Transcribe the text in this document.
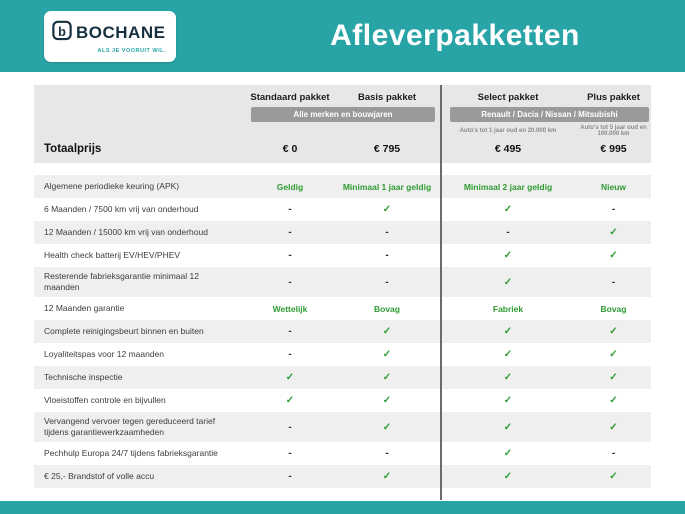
b BOCHANE
ALS JE VOORUIT WIL.	Afleverpakketten
Standaard pakket	Basis pakket	Select pakket	Plus pakket
Alle merken en bouwjaren	Renault / Dacia / Nissan / Mitsubishi
Auto's tot 1 jaar oud en 20.000 km	Auto's tot 5 jaar oud en 100.000 km
Totaalprijs	€ 0	€ 795	€ 495	€ 995
Algemene periodieke keuring (APK)	Geldig	Minimaal 1 jaar geldig	Minimaal 2 jaar geldig	Nieuw
6 Maanden / 7500 km vrij van onderhoud	-	✓	✓	-
12 Maanden / 15000 km vrij van onderhoud	-	-	-	✓
Health check batterij EV/HEV/PHEV	-	-	✓	✓
Resterende fabrieksgarantie minimaal 12 maanden	-	-	✓	-
12 Maanden garantie	Wettelijk	Bovag	Fabriek	Bovag
Complete reinigingsbeurt binnen en buiten	-	✓	✓	✓
Loyaliteitspas voor 12 maanden	-	✓	✓	✓
Technische inspectie	✓	✓	✓	✓
Vloeistoffen controle en bijvullen	✓	✓	✓	✓
Vervangend vervoer tegen gereduceerd tarief tijdens garantiewerkzaamheden	-	✓	✓	✓
Pechhulp Europa 24/7 tijdens fabrieksgarantie	-	-	✓	-
€ 25,- Brandstof of volle accu	-	✓	✓	✓
